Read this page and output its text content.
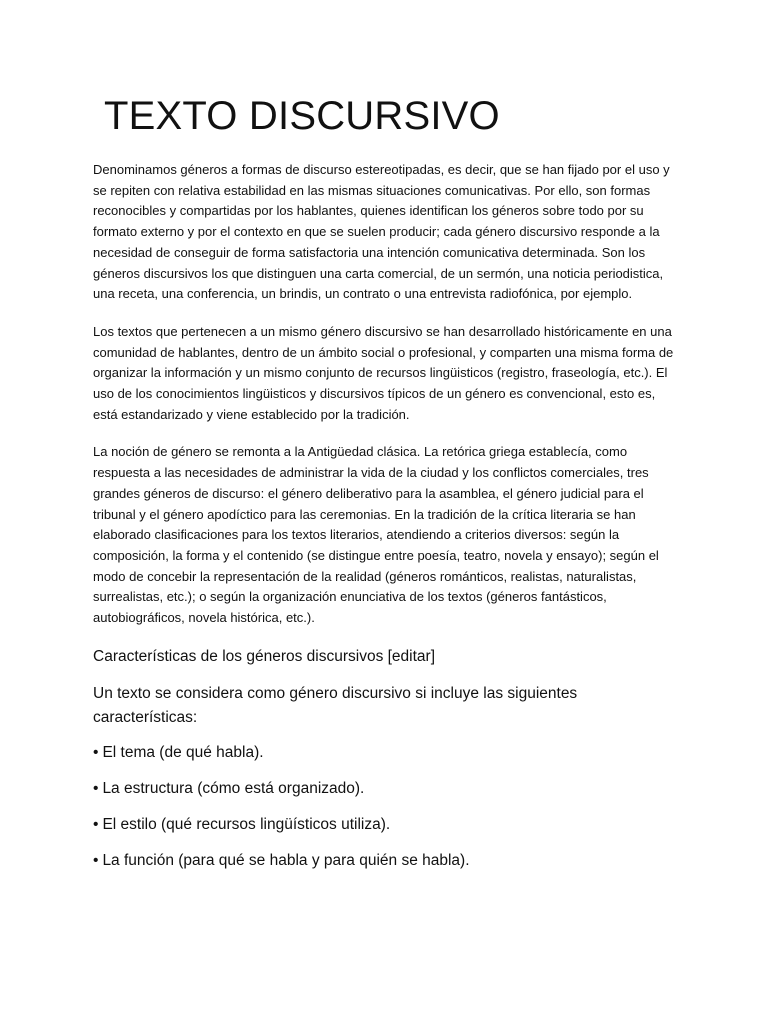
TEXTO DISCURSIVO

Denominamos géneros a formas de discurso estereotipadas, es decir, que se han fijado por el uso y se repiten con relativa estabilidad en las mismas situaciones comunicativas. Por ello, son formas reconocibles y compartidas por los hablantes, quienes identifican los géneros sobre todo por su formato externo y por el contexto en que se suelen producir; cada género discursivo responde a la necesidad de conseguir de forma satisfactoria una intención comunicativa determinada. Son los géneros discursivos los que distinguen una carta comercial, de un sermón, una noticia periodistica, una receta, una conferencia, un brindis, un contrato o una entrevista radiofónica, por ejemplo.

Los textos que pertenecen a un mismo género discursivo se han desarrollado históricamente en una comunidad de hablantes, dentro de un ámbito social o profesional, y comparten una misma forma de organizar la información y un mismo conjunto de recursos lingüisticos (registro, fraseología, etc.). El uso de los conocimientos lingüisticos y discursivos típicos de un género es convencional, esto es, está estandarizado y viene establecido por la tradición.

La noción de género se remonta a la Antigüedad clásica. La retórica griega establecía, como respuesta a las necesidades de administrar la vida de la ciudad y los conflictos comerciales, tres grandes géneros de discurso: el género deliberativo para la asamblea, el género judicial para el tribunal y el género apodíctico para las ceremonias. En la tradición de la crítica literaria se han elaborado clasificaciones para los textos literarios, atendiendo a criterios diversos: según la composición, la forma y el contenido (se distingue entre poesía, teatro, novela y ensayo); según el modo de concebir la representación de la realidad (géneros románticos, realistas, naturalistas, surrealistas, etc.); o según la organización enunciativa de los textos (géneros fantásticos, autobiográficos, novela histórica, etc.).

Características de los géneros discursivos [editar]
Un texto se considera como género discursivo si incluye las siguientes características:
• El tema (de qué habla).
• La estructura (cómo está organizado).
• El estilo (qué recursos lingüísticos utiliza).
• La función (para qué se habla y para quién se habla).
